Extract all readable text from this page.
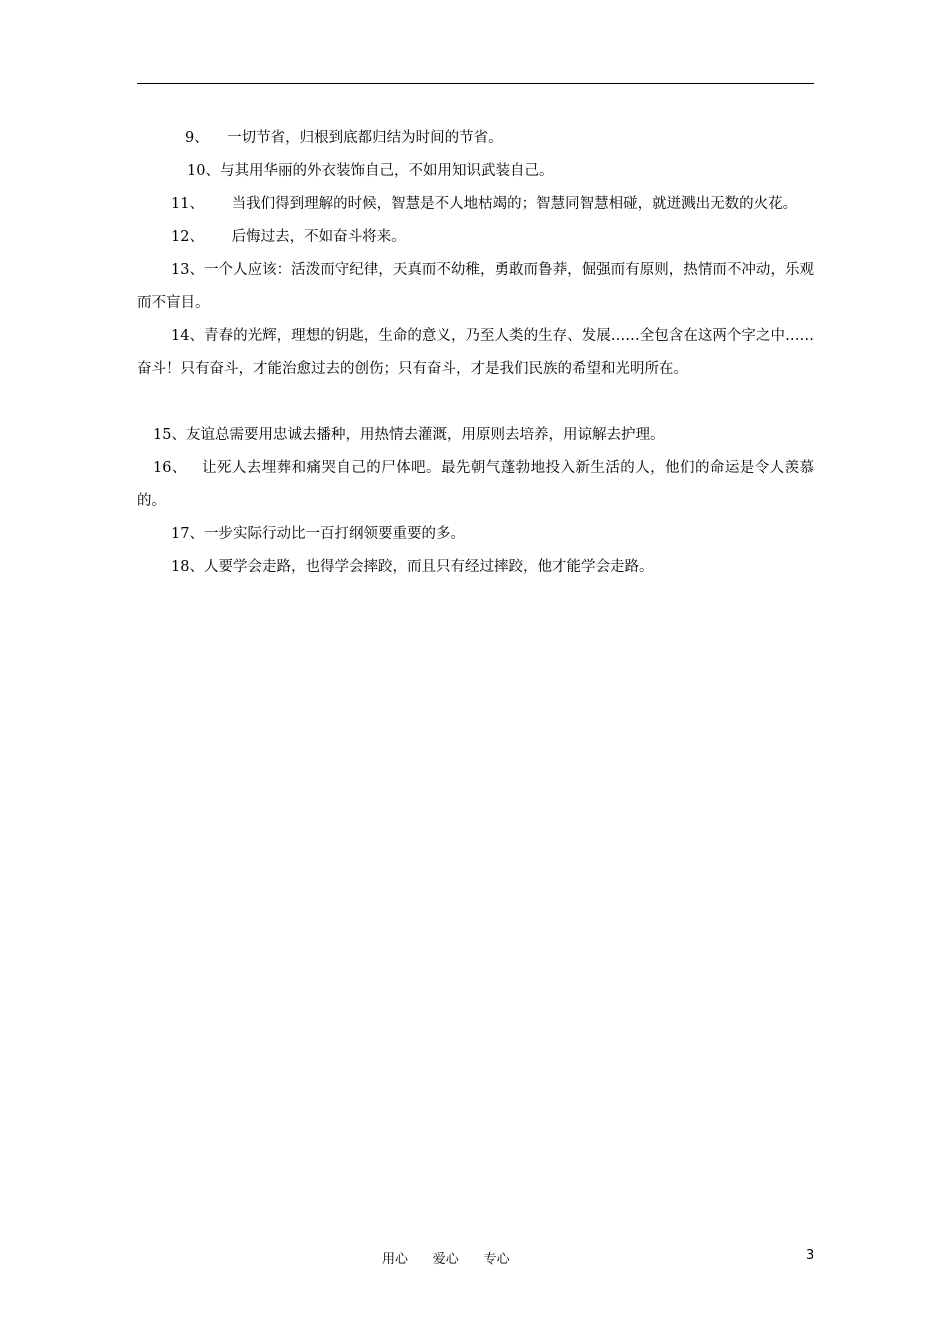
9、 一切节省，归根到底都归结为时间的节省。

10、与其用华丽的外衣装饰自己，不如用知识武装自己。

11、 当我们得到理解的时候，智慧是不人地枯竭的；智慧同智慧相碰，就迸溅出无数的火花。

12、 后悔过去，不如奋斗将来。

13、一个人应该：活泼而守纪律，天真而不幼稚，勇敢而鲁莽，倔强而有原则，热情而不冲动，乐观而不盲目。

14、青春的光辉，理想的钥匙，生命的意义，乃至人类的生存、发展……全包含在这两个字之中……奋斗！只有奋斗，才能治愈过去的创伤；只有奋斗，才是我们民族的希望和光明所在。

15、友谊总需要用忠诚去播种，用热情去灌溉，用原则去培养，用谅解去护理。

16、 让死人去埋葬和痛哭自己的尸体吧。最先朝气蓬勃地投入新生活的人，他们的命运是令人羡慕的。

17、一步实际行动比一百打纲领要重要的多。

18、人要学会走路，也得学会摔跤，而且只有经过摔跤，他才能学会走路。

用心      爱心      专心	3
